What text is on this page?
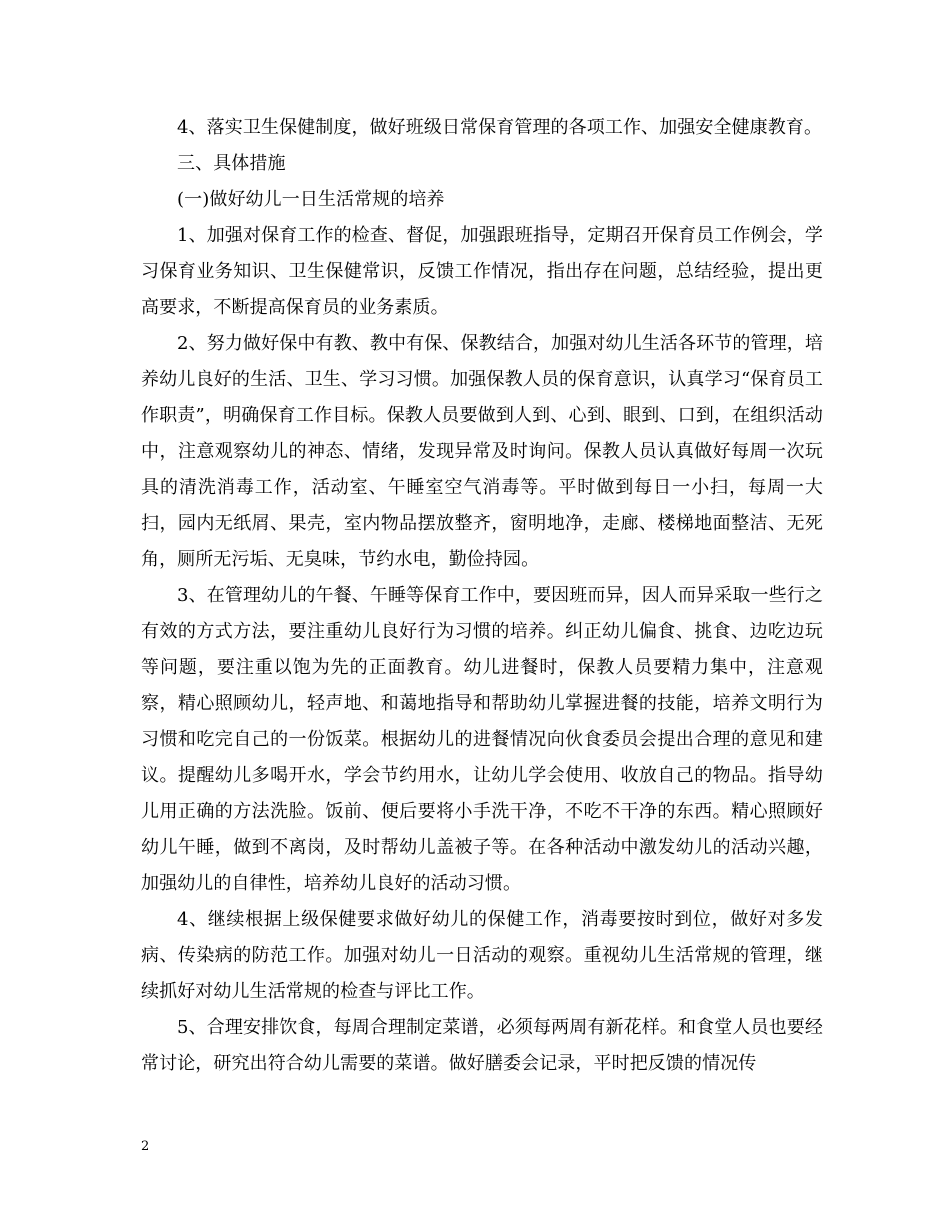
4、落实卫生保健制度，做好班级日常保育管理的各项工作、加强安全健康教育。

三、具体措施

(一)做好幼儿一日生活常规的培养

1、加强对保育工作的检查、督促，加强跟班指导，定期召开保育员工作例会，学习保育业务知识、卫生保健常识，反馈工作情况，指出存在问题，总结经验，提出更高要求，不断提高保育员的业务素质。

2、努力做好保中有教、教中有保、保教结合，加强对幼儿生活各环节的管理，培养幼儿良好的生活、卫生、学习习惯。加强保教人员的保育意识，认真学习“保育员工作职责”，明确保育工作目标。保教人员要做到人到、心到、眼到、口到，在组织活动中，注意观察幼儿的神态、情绪，发现异常及时询问。保教人员认真做好每周一次玩具的清洗消毒工作，活动室、午睡室空气消毒等。平时做到每日一小扫，每周一大扫，园内无纸屑、果壳，室内物品摆放整齐，窗明地净，走廊、楼梯地面整洁、无死角，厕所无污垢、无臭味，节约水电，勤俭持园。

3、在管理幼儿的午餐、午睡等保育工作中，要因班而异，因人而异采取一些行之有效的方式方法，要注重幼儿良好行为习惯的培养。纠正幼儿偏食、挑食、边吃边玩等问题，要注重以饱为先的正面教育。幼儿进餐时，保教人员要精力集中，注意观察，精心照顾幼儿，轻声地、和蔼地指导和帮助幼儿掌握进餐的技能，培养文明行为习惯和吃完自己的一份饭菜。根据幼儿的进餐情况向伙食委员会提出合理的意见和建议。提醒幼儿多喝开水，学会节约用水，让幼儿学会使用、收放自己的物品。指导幼儿用正确的方法洗脸。饭前、便后要将小手洗干净，不吃不干净的东西。精心照顾好幼儿午睡，做到不离岗，及时帮幼儿盖被子等。在各种活动中激发幼儿的活动兴趣，加强幼儿的自律性，培养幼儿良好的活动习惯。

4、继续根据上级保健要求做好幼儿的保健工作，消毒要按时到位，做好对多发病、传染病的防范工作。加强对幼儿一日活动的观察。重视幼儿生活常规的管理，继续抓好对幼儿生活常规的检查与评比工作。

5、合理安排饮食，每周合理制定菜谱，必须每两周有新花样。和食堂人员也要经常讨论，研究出符合幼儿需要的菜谱。做好膳委会记录，平时把反馈的情况传

2
